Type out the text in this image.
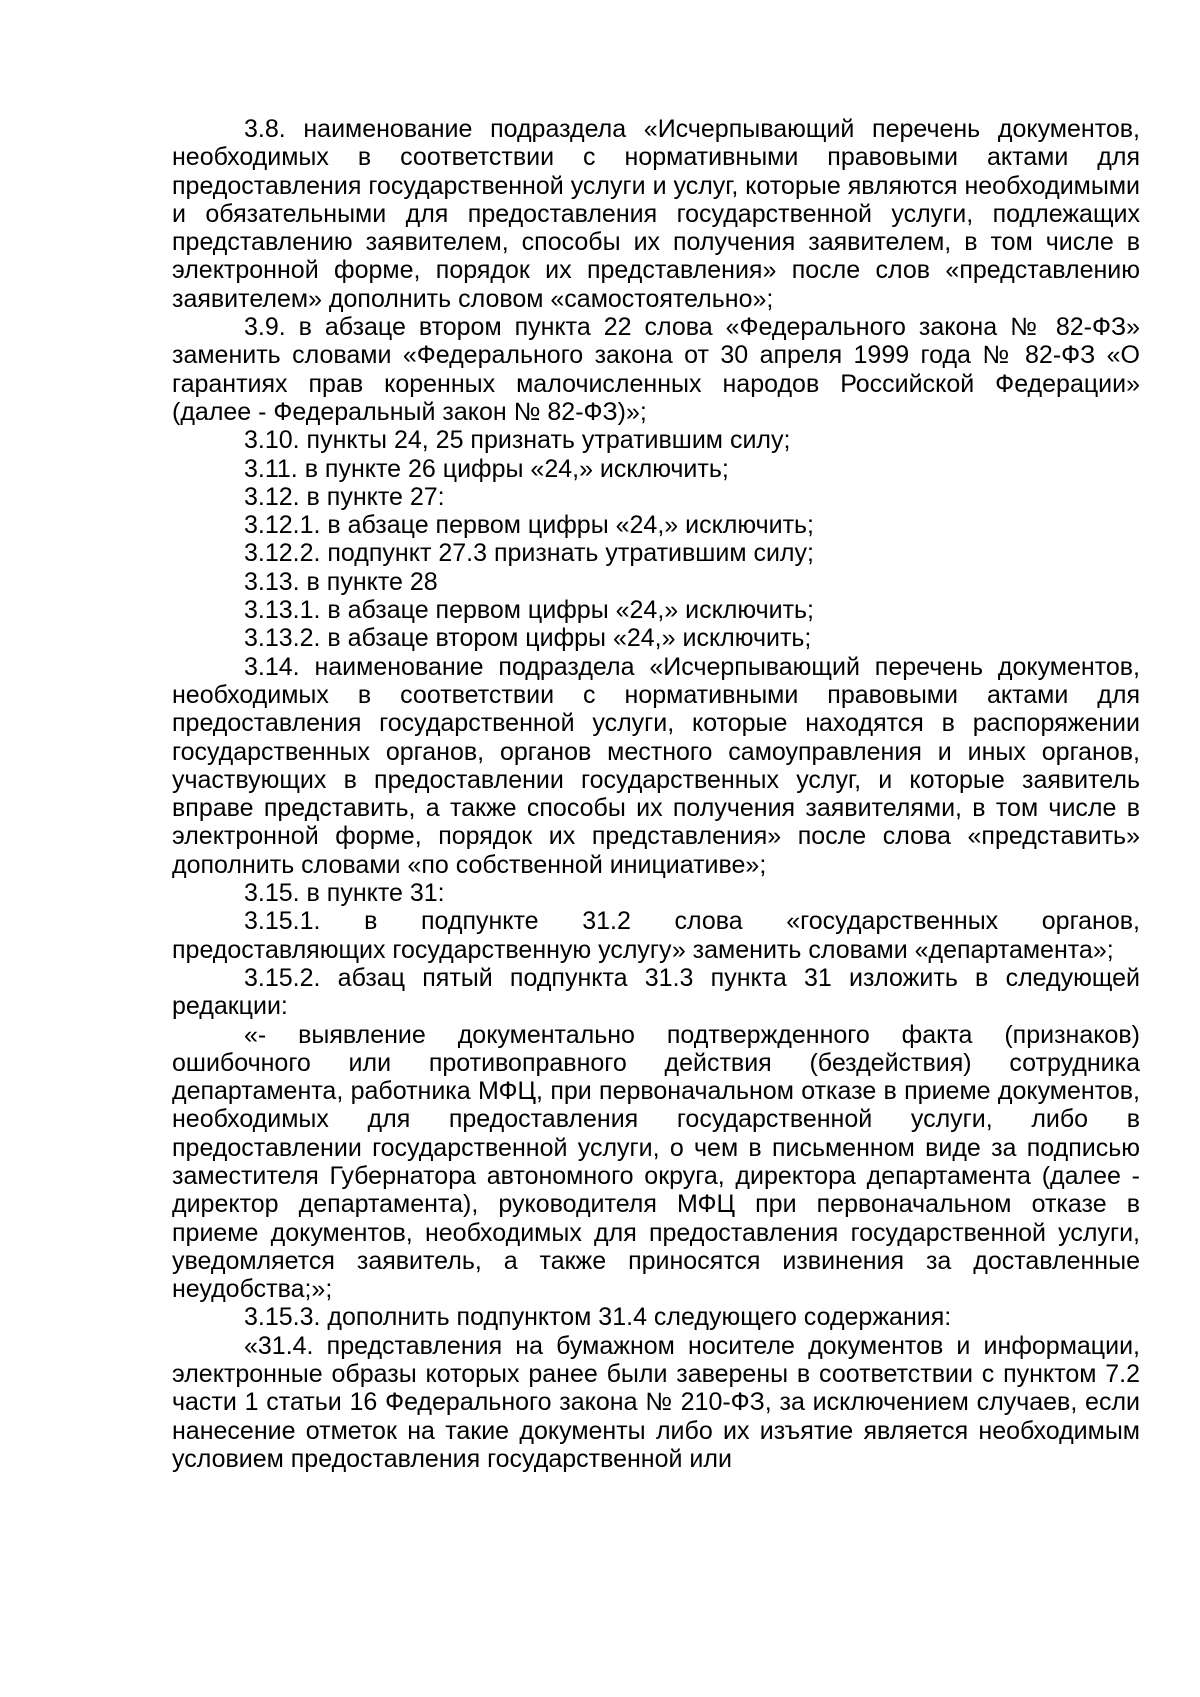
3.8. наименование подраздела «Исчерпывающий перечень документов, необходимых в соответствии с нормативными правовыми актами для предоставления государственной услуги и услуг, которые являются необходимыми и обязательными для предоставления государственной услуги, подлежащих представлению заявителем, способы их получения заявителем, в том числе в электронной форме, порядок их представления» после слов «представлению заявителем» дополнить словом «самостоятельно»;

3.9. в абзаце втором пункта 22 слова «Федерального закона № 82-ФЗ» заменить словами «Федерального закона от 30 апреля 1999 года № 82-ФЗ «О гарантиях прав коренных малочисленных народов Российской Федерации» (далее - Федеральный закон № 82-ФЗ)»;

3.10. пункты 24, 25 признать утратившим силу;

3.11. в пункте 26 цифры «24,» исключить;

3.12. в пункте 27:

3.12.1. в абзаце первом цифры «24,» исключить;

3.12.2. подпункт 27.3 признать утратившим силу;

3.13. в пункте 28

3.13.1. в абзаце первом цифры «24,» исключить;

3.13.2. в абзаце втором цифры «24,» исключить;

3.14. наименование подраздела «Исчерпывающий перечень документов, необходимых в соответствии с нормативными правовыми актами для предоставления государственной услуги, которые находятся в распоряжении государственных органов, органов местного самоуправления и иных органов, участвующих в предоставлении государственных услуг, и которые заявитель вправе представить, а также способы их получения заявителями, в том числе в электронной форме, порядок их представления» после слова «представить» дополнить словами «по собственной инициативе»;

3.15. в пункте 31:

3.15.1. в подпункте 31.2 слова «государственных органов, предоставляющих государственную услугу» заменить словами «департамента»;

3.15.2. абзац пятый подпункта 31.3 пункта 31 изложить в следующей редакции:

«- выявление документально подтвержденного факта (признаков) ошибочного или противоправного действия (бездействия) сотрудника департамента, работника МФЦ, при первоначальном отказе в приеме документов, необходимых для предоставления государственной услуги, либо в предоставлении государственной услуги, о чем в письменном виде за подписью заместителя Губернатора автономного округа, директора департамента (далее - директор департамента), руководителя МФЦ при первоначальном отказе в приеме документов, необходимых для предоставления государственной услуги, уведомляется заявитель, а также приносятся извинения за доставленные неудобства;»;

3.15.3. дополнить подпунктом 31.4 следующего содержания:

«31.4. представления на бумажном носителе документов и информации, электронные образы которых ранее были заверены в соответствии с пунктом 7.2 части 1 статьи 16 Федерального закона № 210-ФЗ, за исключением случаев, если нанесение отметок на такие документы либо их изъятие является необходимым условием предоставления государственной или
